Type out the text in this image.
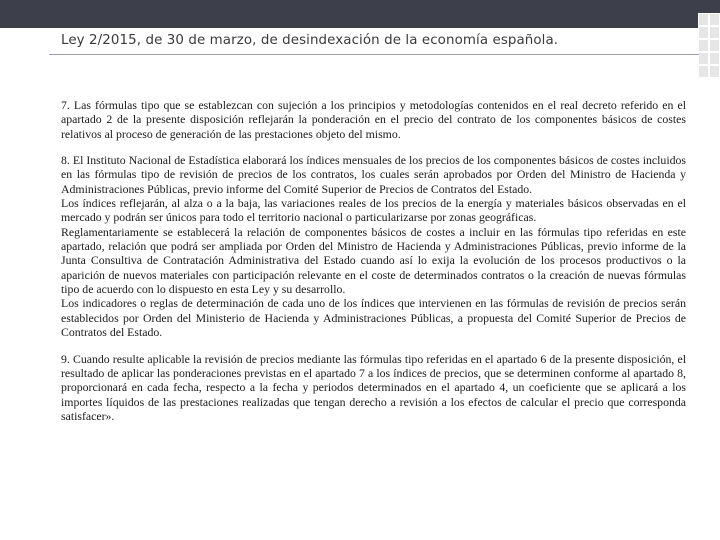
Ley 2/2015, de 30 de marzo, de desindexación de la economía española.

7. Las fórmulas tipo que se establezcan con sujeción a los principios y metodologías contenidos en el real decreto referido en el apartado 2 de la presente disposición reflejarán la ponderación en el precio del contrato de los componentes básicos de costes relativos al proceso de generación de las prestaciones objeto del mismo.

8. El Instituto Nacional de Estadística elaborará los índices mensuales de los precios de los componentes básicos de costes incluidos en las fórmulas tipo de revisión de precios de los contratos, los cuales serán aprobados por Orden del Ministro de Hacienda y Administraciones Públicas, previo informe del Comité Superior de Precios de Contratos del Estado.

Los índices reflejarán, al alza o a la baja, las variaciones reales de los precios de la energía y materiales básicos observadas en el mercado y podrán ser únicos para todo el territorio nacional o particularizarse por zonas geográficas.

Reglamentariamente se establecerá la relación de componentes básicos de costes a incluir en las fórmulas tipo referidas en este apartado, relación que podrá ser ampliada por Orden del Ministro de Hacienda y Administraciones Públicas, previo informe de la Junta Consultiva de Contratación Administrativa del Estado cuando así lo exija la evolución de los procesos productivos o la aparición de nuevos materiales con participación relevante en el coste de determinados contratos o la creación de nuevas fórmulas tipo de acuerdo con lo dispuesto en esta Ley y su desarrollo.

Los indicadores o reglas de determinación de cada uno de los índices que intervienen en las fórmulas de revisión de precios serán establecidos por Orden del Ministerio de Hacienda y Administraciones Públicas, a propuesta del Comité Superior de Precios de Contratos del Estado.

9. Cuando resulte aplicable la revisión de precios mediante las fórmulas tipo referidas en el apartado 6 de la presente disposición, el resultado de aplicar las ponderaciones previstas en el apartado 7 a los índices de precios, que se determinen conforme al apartado 8, proporcionará en cada fecha, respecto a la fecha y periodos determinados en el apartado 4, un coeficiente que se aplicará a los importes líquidos de las prestaciones realizadas que tengan derecho a revisión a los efectos de calcular el precio que corresponda satisfacer».
